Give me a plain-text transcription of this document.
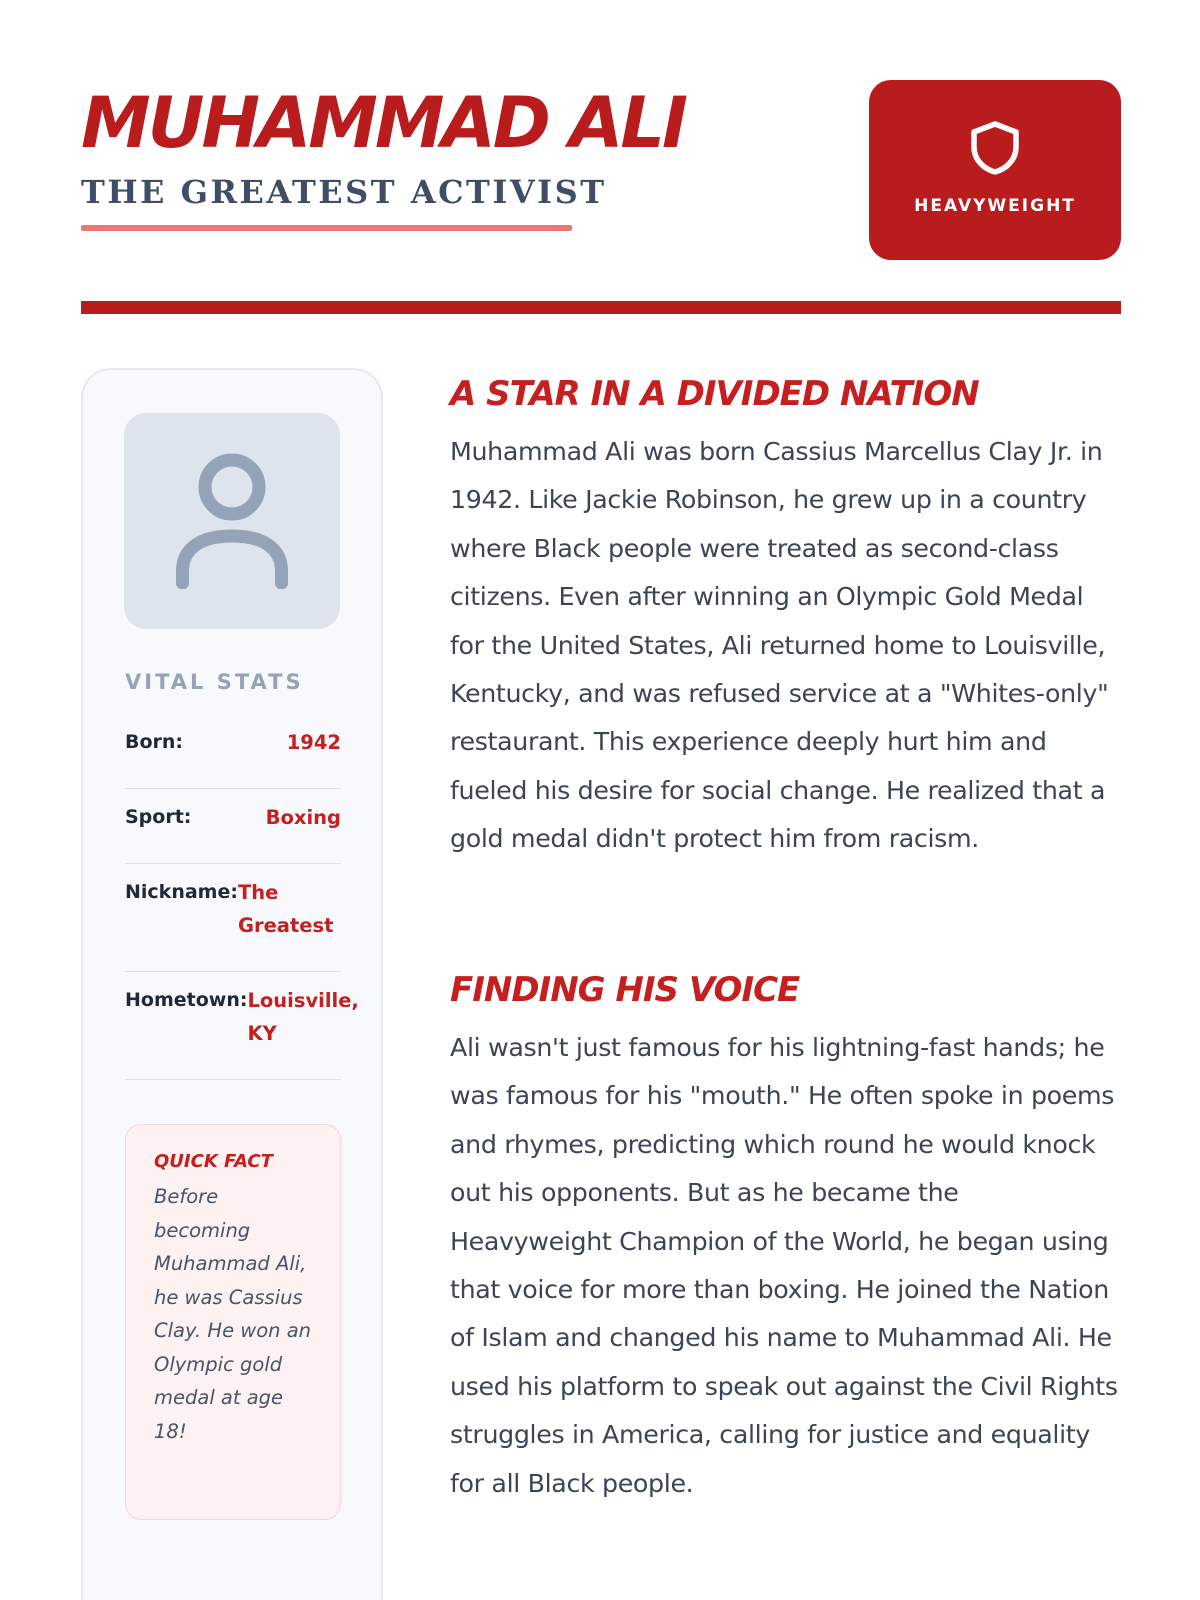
MUHAMMAD ALI
THE GREATEST ACTIVIST	HEAVYWEIGHT
VITAL STATS
Born:	1942
Sport:	Boxing
Nickname: The Greatest
Hometown: Louisville, KY
QUICK FACT

Before becoming Muhammad Ali, he was Cassius Clay. He won an Olympic gold medal at age 18!

A STAR IN A DIVIDED NATION

Muhammad Ali was born Cassius Marcellus Clay Jr. in 1942. Like Jackie Robinson, he grew up in a country where Black people were treated as second-class citizens. Even after winning an Olympic Gold Medal for the United States, Ali returned home to Louisville, Kentucky, and was refused service at a "Whites-only" restaurant. This experience deeply hurt him and fueled his desire for social change. He realized that a gold medal didn't protect him from racism.

FINDING HIS VOICE

Ali wasn't just famous for his lightning-fast hands; he was famous for his "mouth." He often spoke in poems and rhymes, predicting which round he would knock out his opponents. But as he became the Heavyweight Champion of the World, he began using that voice for more than boxing. He joined the Nation of Islam and changed his name to Muhammad Ali. He used his platform to speak out against the Civil Rights struggles in America, calling for justice and equality for all Black people.
